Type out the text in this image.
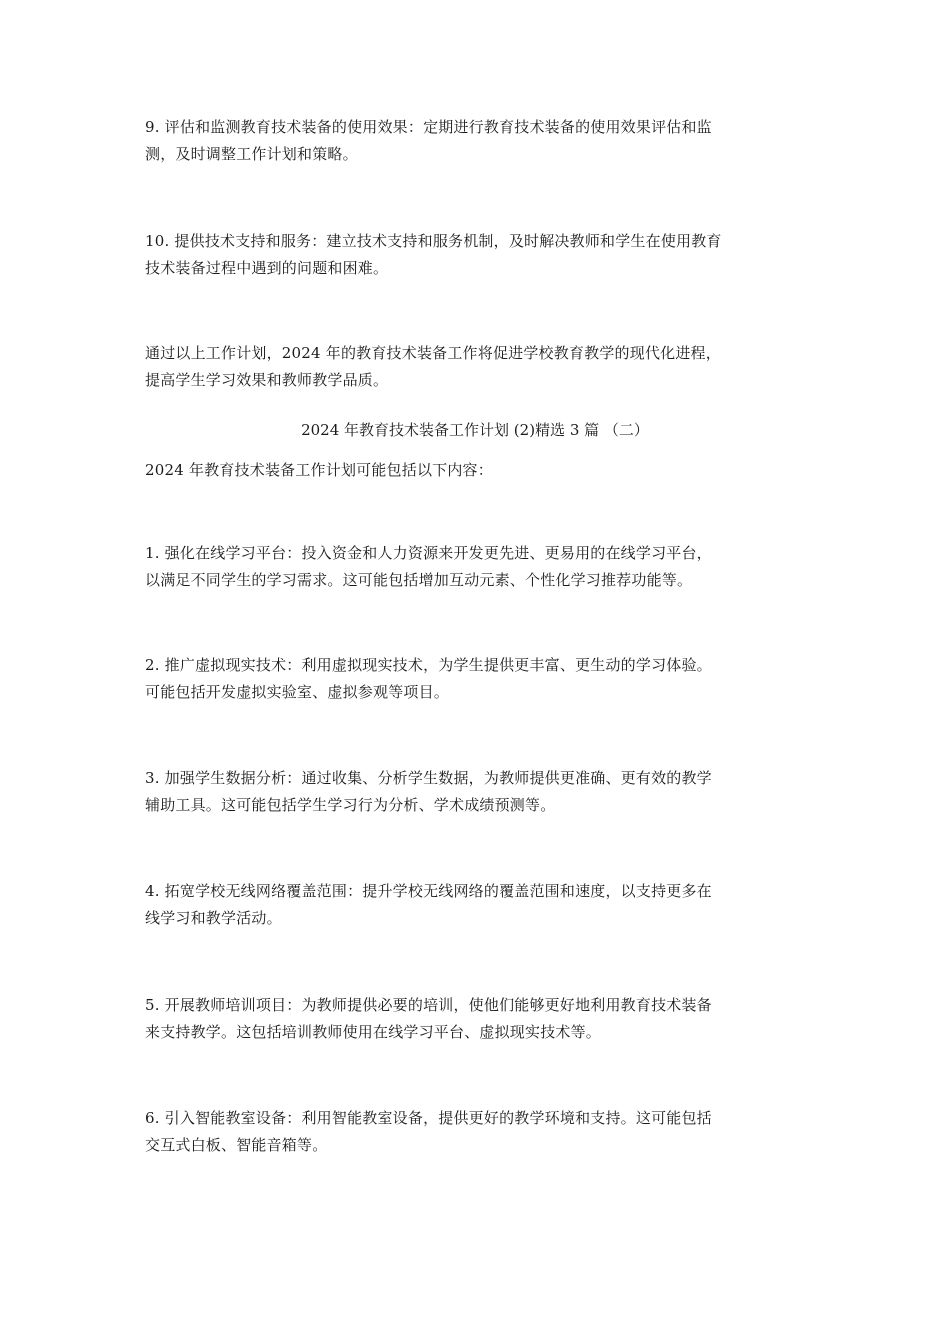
9. 评估和监测教育技术装备的使用效果：定期进行教育技术装备的使用效果评估和监
测，及时调整工作计划和策略。

10. 提供技术支持和服务：建立技术支持和服务机制，及时解决教师和学生在使用教育
技术装备过程中遇到的问题和困难。

通过以上工作计划，2024 年的教育技术装备工作将促进学校教育教学的现代化进程，
提高学生学习效果和教师教学品质。

2024 年教育技术装备工作计划 (2)精选 3 篇 （二）

2024 年教育技术装备工作计划可能包括以下内容：

1. 强化在线学习平台：投入资金和人力资源来开发更先进、更易用的在线学习平台，
以满足不同学生的学习需求。这可能包括增加互动元素、个性化学习推荐功能等。

2. 推广虚拟现实技术：利用虚拟现实技术，为学生提供更丰富、更生动的学习体验。
可能包括开发虚拟实验室、虚拟参观等项目。

3. 加强学生数据分析：通过收集、分析学生数据，为教师提供更准确、更有效的教学
辅助工具。这可能包括学生学习行为分析、学术成绩预测等。

4. 拓宽学校无线网络覆盖范围：提升学校无线网络的覆盖范围和速度，以支持更多在
线学习和教学活动。

5. 开展教师培训项目：为教师提供必要的培训，使他们能够更好地利用教育技术装备
来支持教学。这包括培训教师使用在线学习平台、虚拟现实技术等。

6. 引入智能教室设备：利用智能教室设备，提供更好的教学环境和支持。这可能包括
交互式白板、智能音箱等。
